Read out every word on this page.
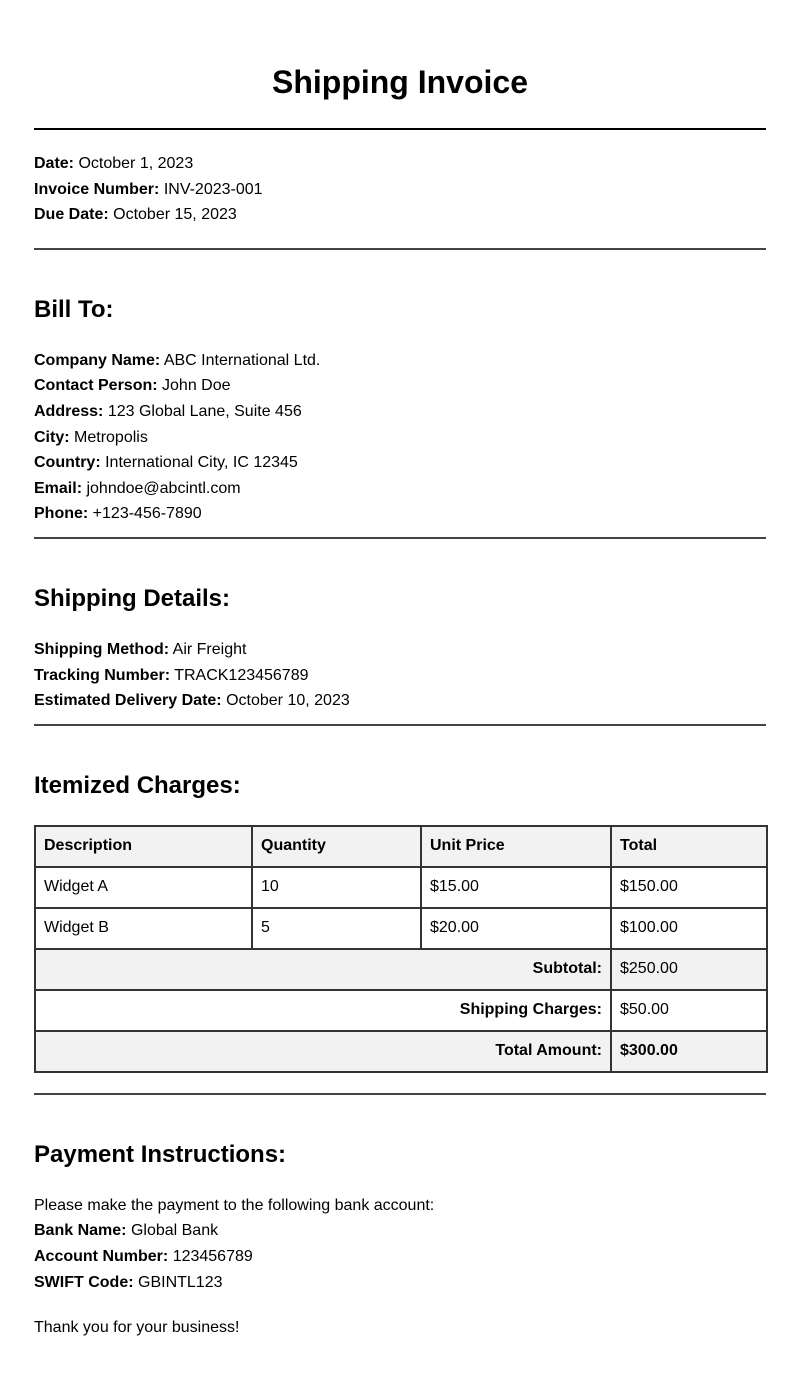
Shipping Invoice
Date: October 1, 2023
Invoice Number: INV-2023-001
Due Date: October 15, 2023
Bill To:
Company Name: ABC International Ltd.
Contact Person: John Doe
Address: 123 Global Lane, Suite 456
City: Metropolis
Country: International City, IC 12345
Email: johndoe@abcintl.com
Phone: +123-456-7890
Shipping Details:
Shipping Method: Air Freight
Tracking Number: TRACK123456789
Estimated Delivery Date: October 10, 2023
Itemized Charges:
Description	Quantity	Unit Price	Total
Widget A	10	$15.00	$150.00
Widget B	5	$20.00	$100.00
Subtotal:			$250.00
Shipping Charges:			$50.00
Total Amount:			$300.00
Payment Instructions:
Please make the payment to the following bank account:
Bank Name: Global Bank
Account Number: 123456789
SWIFT Code: GBINTL123
Thank you for your business!
